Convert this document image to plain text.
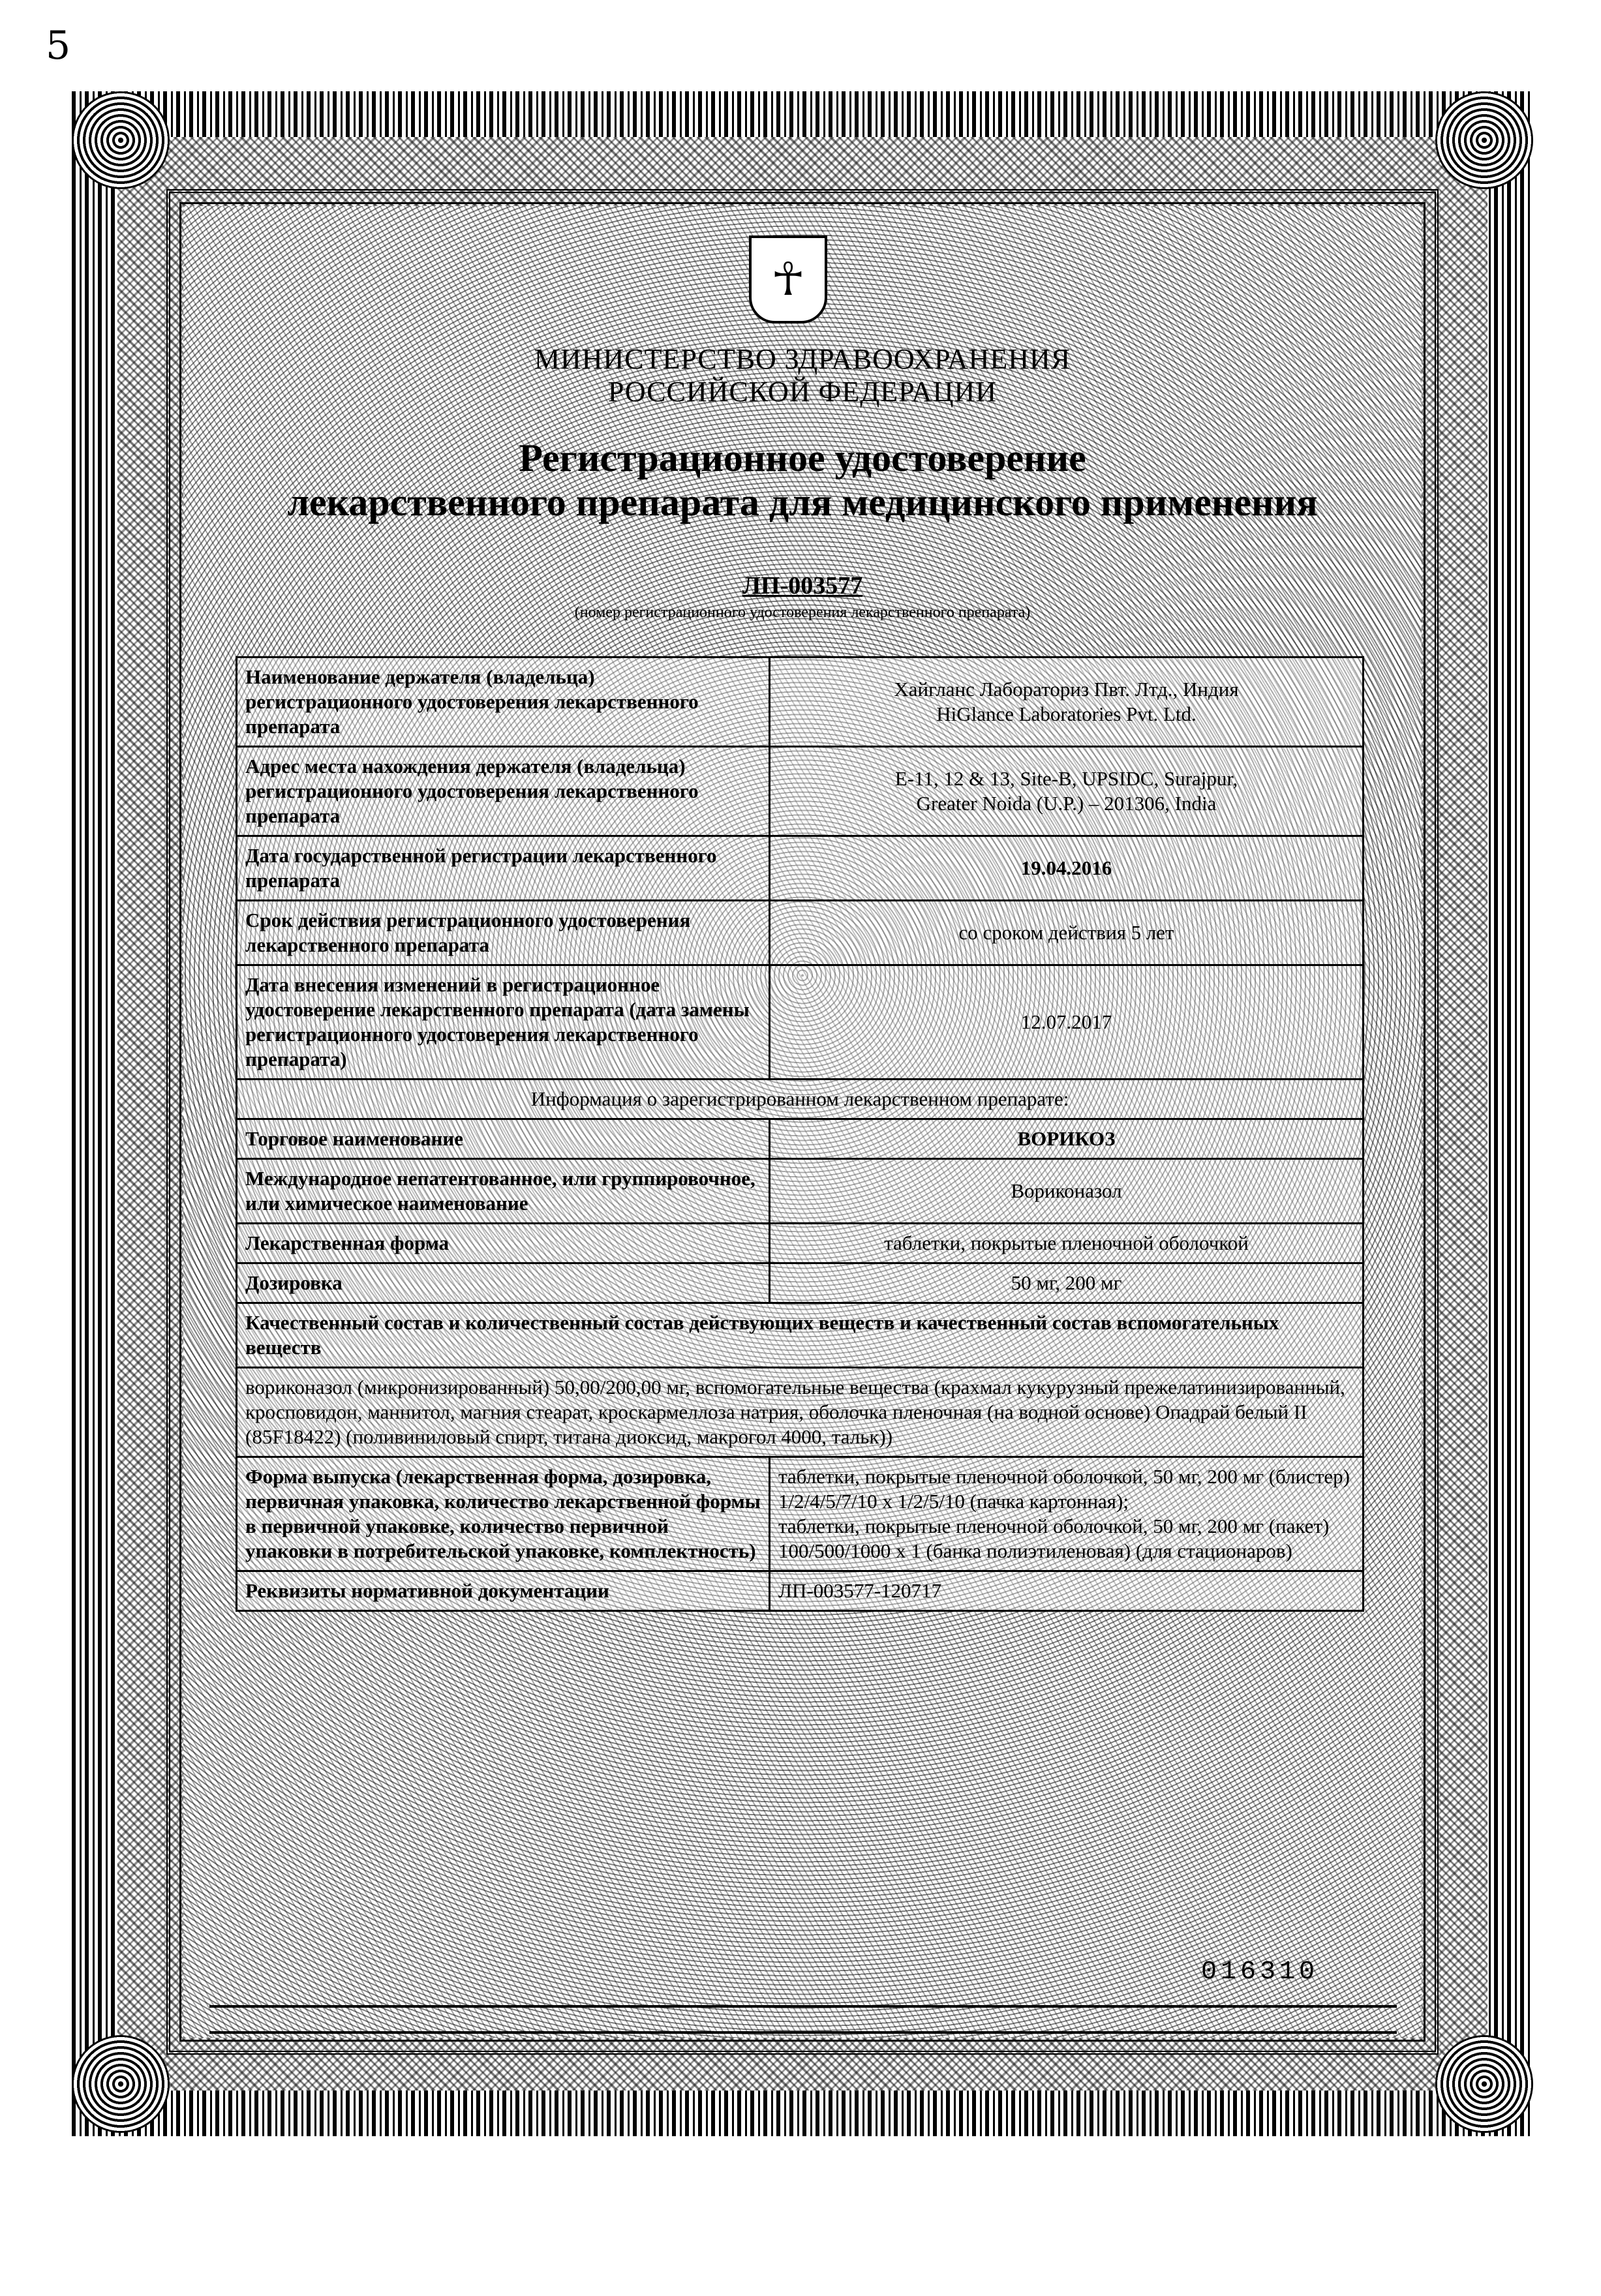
5
☥
МИНИСТЕРСТВО ЗДРАВООХРАНЕНИЯ
РОССИЙСКОЙ ФЕДЕРАЦИИ
Регистрационное удостоверение
лекарственного препарата для медицинского применения
ЛП-003577
(номер регистрационного удостоверения лекарственного препарата)
Наименование держателя (владельца) регистрационного удостоверения лекарственного препарата	Хайгланс Лабораториз Пвт. Лтд., Индия
HiGlance Laboratories Pvt. Ltd.

Адрес места нахождения держателя (владельца) регистрационного удостоверения лекарственного препарата	E-11, 12 & 13, Site-B, UPSIDC, Surajpur,
Greater Noida (U.P.) – 201306, India

Дата государственной регистрации лекарственного препарата	19.04.2016
Срок действия регистрационного удостоверения лекарственного препарата	со сроком действия 5 лет
Дата внесения изменений в регистрационное удостоверение лекарственного препарата (дата замены регистрационного удостоверения лекарственного препарата)	12.07.2017
Информация о зарегистрированном лекарственном препарате:	
Торговое наименование	ВОРИКОЗ
Международное непатентованное, или группировочное, или химическое наименование	Вориконазол
Лекарственная форма	таблетки, покрытые пленочной оболочкой
Дозировка	50 мг, 200 мг
Качественный состав и количественный состав действующих веществ и качественный состав вспомогательных веществ	
вориконазол (микронизированный) 50,00/200,00 мг, вспомогательные вещества (крахмал кукурузный прежелатинизированный, кросповидон, маннитол, магния стеарат, кроскармеллоза натрия, оболочка пленочная (на водной основе) Опадрай белый II (85F18422) (поливиниловый спирт, титана диоксид, макрогол 4000, тальк))	
Форма выпуска (лекарственная форма, дозировка, первичная упаковка, количество лекарственной формы в первичной упаковке, количество первичной упаковки в потребительской упаковке, комплектность)	таблетки, покрытые пленочной оболочкой, 50 мг, 200 мг (блистер) 1/2/4/5/7/10 x 1/2/5/10 (пачка картонная);
таблетки, покрытые пленочной оболочкой, 50 мг, 200 мг (пакет) 100/500/1000 x 1 (банка полиэтиленовая) (для стационаров)

Реквизиты нормативной документации	ЛП-003577-120717
016310
